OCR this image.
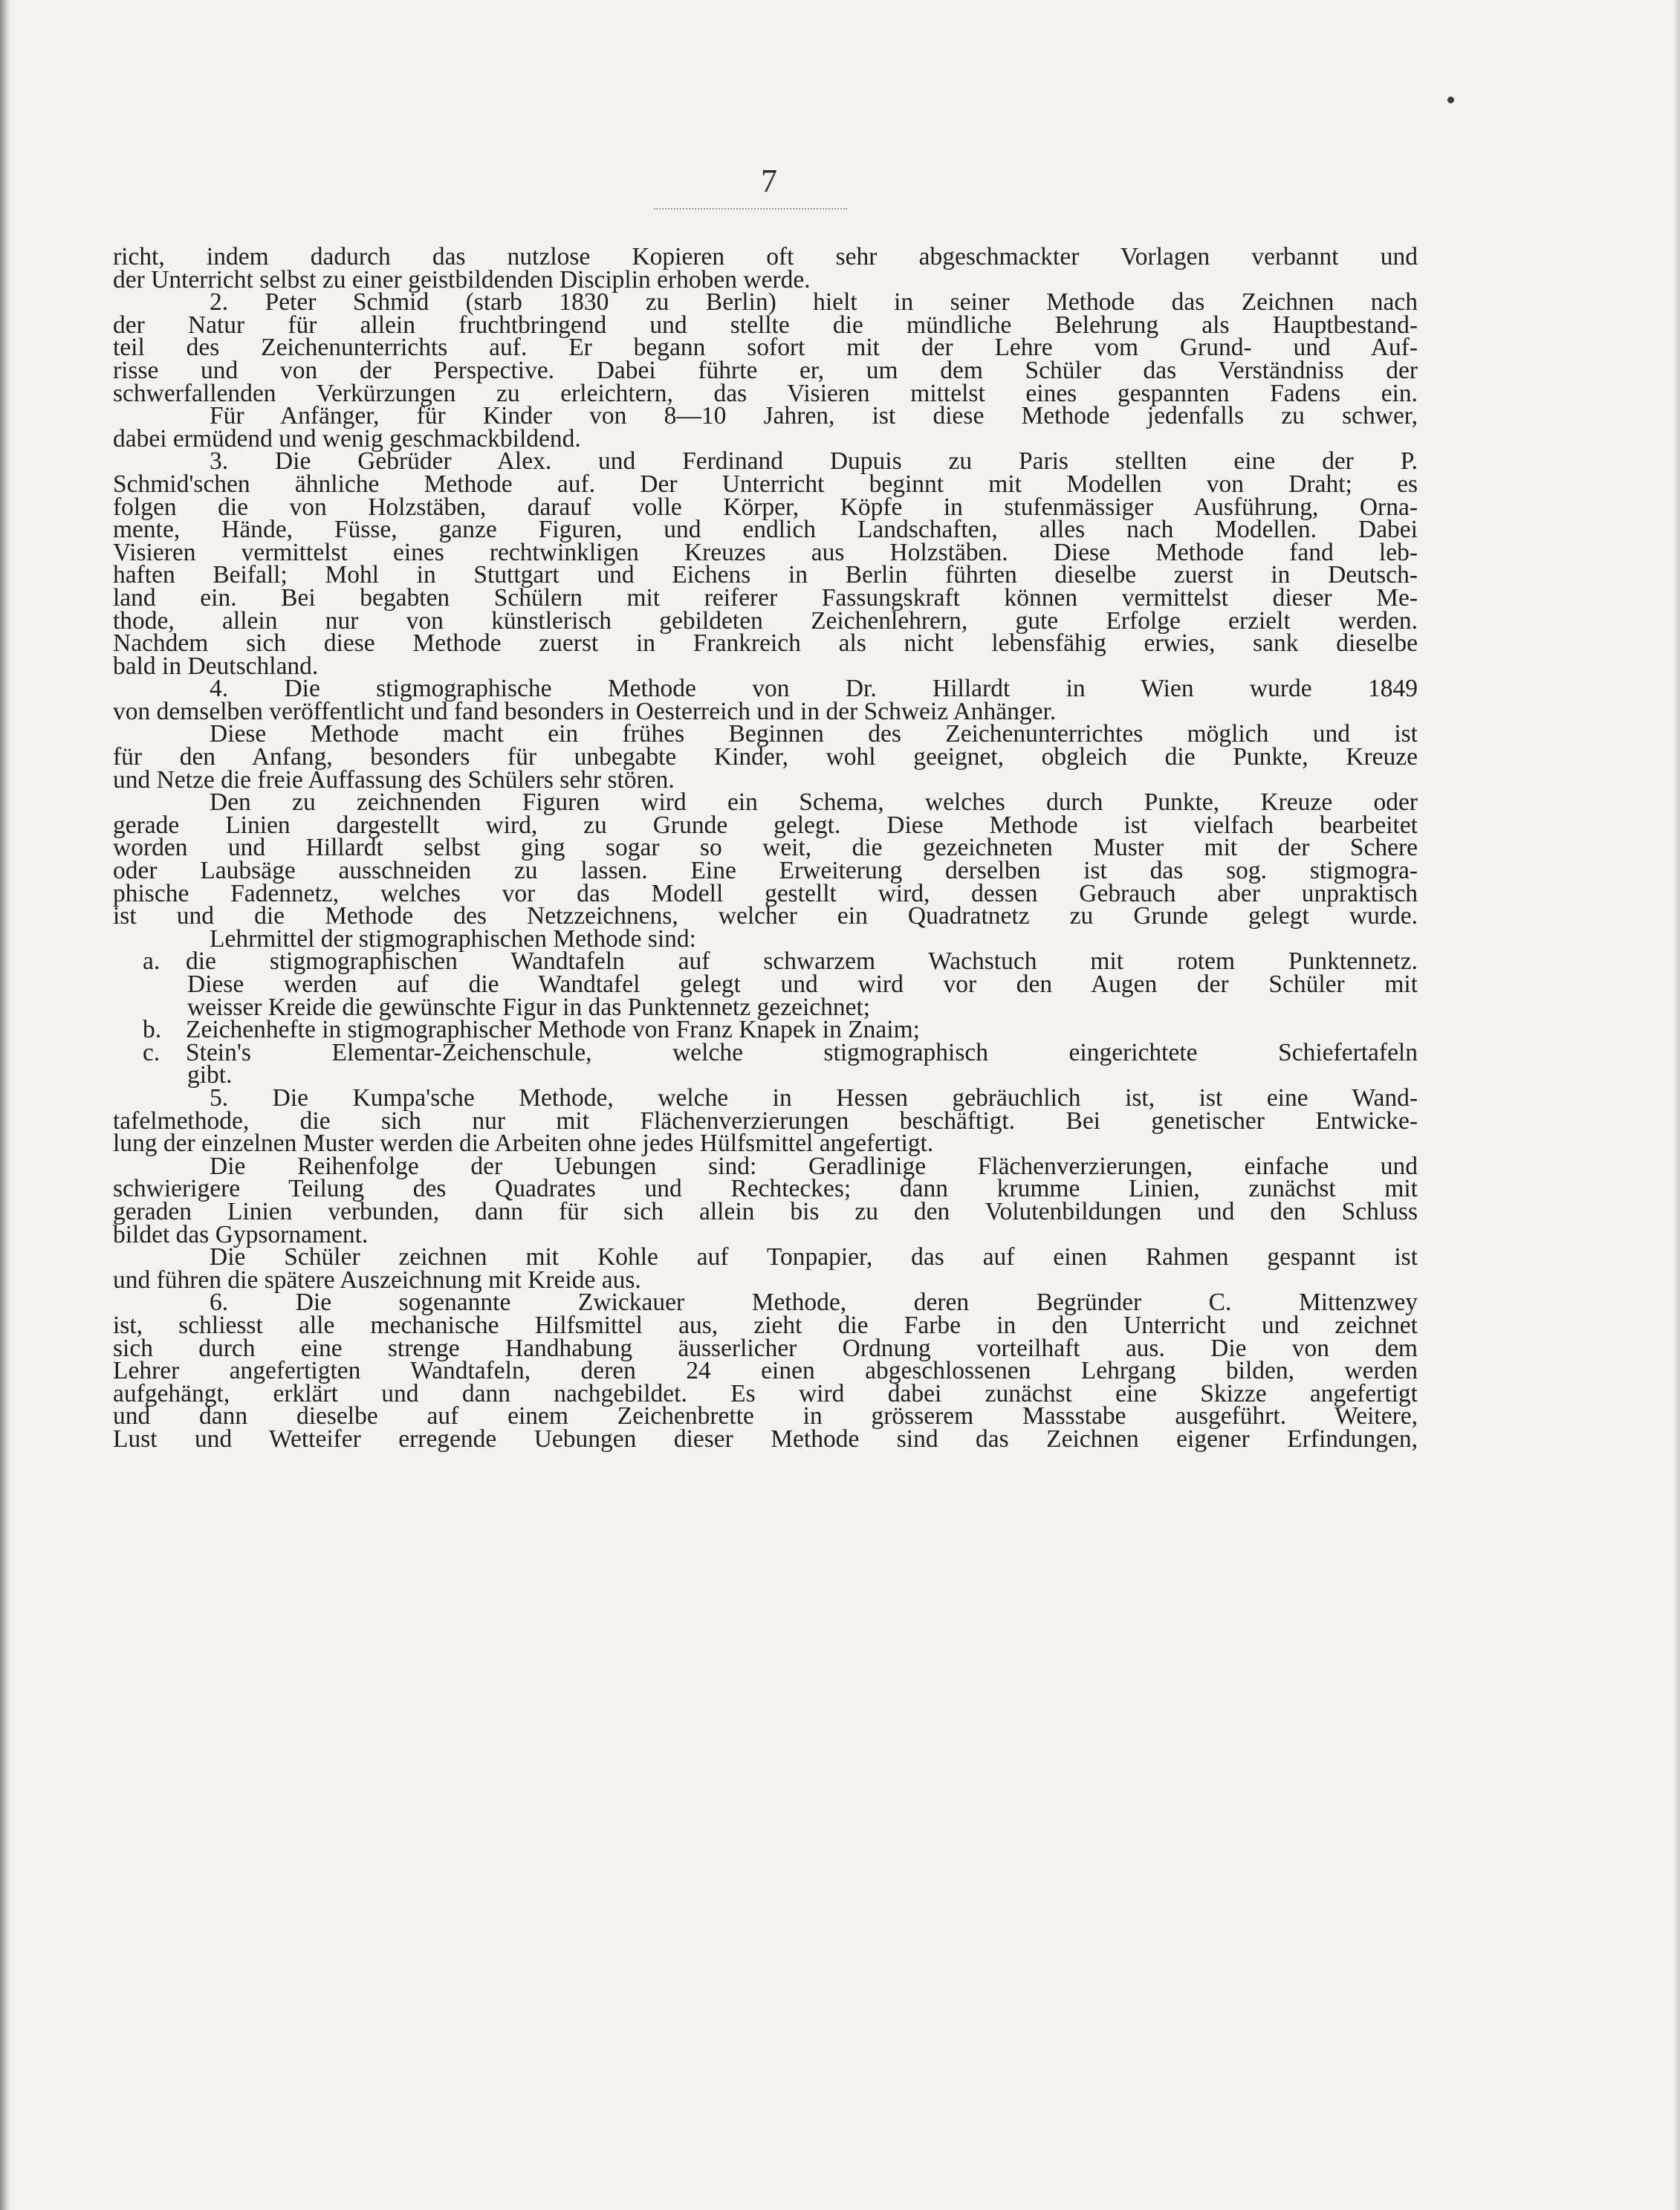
7
richt, indem dadurch das nutzlose Kopieren oft sehr abgeschmackter Vorlagen verbannt und
der Unterricht selbst zu einer geistbildenden Disciplin erhoben werde.
2. Peter Schmid (starb 1830 zu Berlin) hielt in seiner Methode das Zeichnen nach
der Natur für allein fruchtbringend und stellte die mündliche Belehrung als Hauptbestand-
teil des Zeichenunterrichts auf. Er begann sofort mit der Lehre vom Grund- und Auf-
risse und von der Perspective. Dabei führte er, um dem Schüler das Verständniss der
schwerfallenden Verkürzungen zu erleichtern, das Visieren mittelst eines gespannten Fadens ein.
Für Anfänger, für Kinder von 8—10 Jahren, ist diese Methode jedenfalls zu schwer,
dabei ermüdend und wenig geschmackbildend.
3. Die Gebrüder Alex. und Ferdinand Dupuis zu Paris stellten eine der P.
Schmid'schen ähnliche Methode auf. Der Unterricht beginnt mit Modellen von Draht; es
folgen die von Holzstäben, darauf volle Körper, Köpfe in stufenmässiger Ausführung, Orna-
mente, Hände, Füsse, ganze Figuren, und endlich Landschaften, alles nach Modellen. Dabei
Visieren vermittelst eines rechtwinkligen Kreuzes aus Holzstäben. Diese Methode fand leb-
haften Beifall; Mohl in Stuttgart und Eichens in Berlin führten dieselbe zuerst in Deutsch-
land ein. Bei begabten Schülern mit reiferer Fassungskraft können vermittelst dieser Me-
thode, allein nur von künstlerisch gebildeten Zeichenlehrern, gute Erfolge erzielt werden.
Nachdem sich diese Methode zuerst in Frankreich als nicht lebensfähig erwies, sank dieselbe
bald in Deutschland.
4. Die stigmographische Methode von Dr. Hillardt in Wien wurde 1849
von demselben veröffentlicht und fand besonders in Oesterreich und in der Schweiz Anhänger.
Diese Methode macht ein frühes Beginnen des Zeichenunterrichtes möglich und ist
für den Anfang, besonders für unbegabte Kinder, wohl geeignet, obgleich die Punkte, Kreuze
und Netze die freie Auffassung des Schülers sehr stören.
Den zu zeichnenden Figuren wird ein Schema, welches durch Punkte, Kreuze oder
gerade Linien dargestellt wird, zu Grunde gelegt. Diese Methode ist vielfach bearbeitet
worden und Hillardt selbst ging sogar so weit, die gezeichneten Muster mit der Schere
oder Laubsäge ausschneiden zu lassen. Eine Erweiterung derselben ist das sog. stigmogra-
phische Fadennetz, welches vor das Modell gestellt wird, dessen Gebrauch aber unpraktisch
ist und die Methode des Netzzeichnens, welcher ein Quadratnetz zu Grunde gelegt wurde.
Lehrmittel der stigmographischen Methode sind:
a. die stigmographischen Wandtafeln auf schwarzem Wachstuch mit rotem Punktennetz.
Diese werden auf die Wandtafel gelegt und wird vor den Augen der Schüler mit
weisser Kreide die gewünschte Figur in das Punktennetz gezeichnet;
b. Zeichenhefte in stigmographischer Methode von Franz Knapek in Znaim;
c. Stein's Elementar-Zeichenschule, welche stigmographisch eingerichtete Schiefertafeln
gibt.
5. Die Kumpa'sche Methode, welche in Hessen gebräuchlich ist, ist eine Wand-
tafelmethode, die sich nur mit Flächenverzierungen beschäftigt. Bei genetischer Entwicke-
lung der einzelnen Muster werden die Arbeiten ohne jedes Hülfsmittel angefertigt.
Die Reihenfolge der Uebungen sind: Geradlinige Flächenverzierungen, einfache und
schwierigere Teilung des Quadrates und Rechteckes; dann krumme Linien, zunächst mit
geraden Linien verbunden, dann für sich allein bis zu den Volutenbildungen und den Schluss
bildet das Gypsornament.
Die Schüler zeichnen mit Kohle auf Tonpapier, das auf einen Rahmen gespannt ist
und führen die spätere Auszeichnung mit Kreide aus.
6. Die sogenannte Zwickauer Methode, deren Begründer C. Mittenzwey
ist, schliesst alle mechanische Hilfsmittel aus, zieht die Farbe in den Unterricht und zeichnet
sich durch eine strenge Handhabung äusserlicher Ordnung vorteilhaft aus. Die von dem
Lehrer angefertigten Wandtafeln, deren 24 einen abgeschlossenen Lehrgang bilden, werden
aufgehängt, erklärt und dann nachgebildet. Es wird dabei zunächst eine Skizze angefertigt
und dann dieselbe auf einem Zeichenbrette in grösserem Massstabe ausgeführt. Weitere,
Lust und Wetteifer erregende Uebungen dieser Methode sind das Zeichnen eigener Erfindungen,
